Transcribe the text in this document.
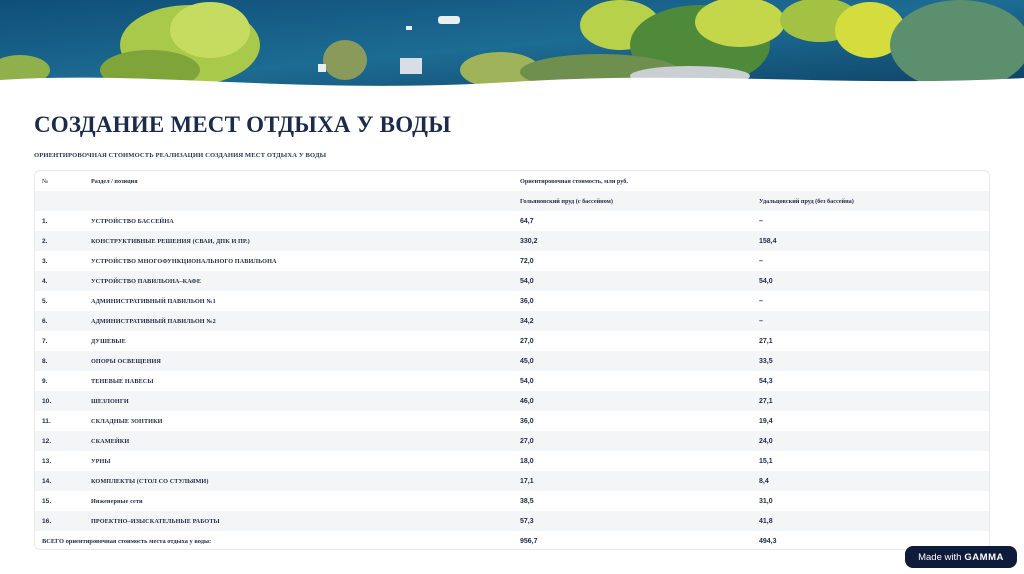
СОЗДАНИЕ МЕСТ ОТДЫХА У ВОДЫ
ОРИЕНТИРОВОЧНАЯ СТОИМОСТЬ РЕАЛИЗАЦИИ СОЗДАНИЯ МЕСТ ОТДЫХА У ВОДЫ
№	Раздел / позиция	Ориентировочная стоимость, млн руб.	
		Гольяновский пруд (с бассейном)	Удальцовский пруд (без бассейна)
1.	УСТРОЙСТВО БАССЕЙНА	64,7	–
2.	КОНСТРУКТИВНЫЕ РЕШЕНИЯ (СВАИ, ДПК И ПР.)	330,2	158,4
3.	УСТРОЙСТВО МНОГОФУНКЦИОНАЛЬНОГО ПАВИЛЬОНА	72,0	–
4.	УСТРОЙСТВО ПАВИЛЬОНА–КАФЕ	54,0	54,0
5.	АДМИНИСТРАТИВНЫЙ ПАВИЛЬОН №1	36,0	–
6.	АДМИНИСТРАТИВНЫЙ ПАВИЛЬОН №2	34,2	–
7.	ДУШЕВЫЕ	27,0	27,1
8.	ОПОРЫ ОСВЕЩЕНИЯ	45,0	33,5
9.	ТЕНЕВЫЕ НАВЕСЫ	54,0	54,3
10.	ШЕЗЛОНГИ	46,0	27,1
11.	СКЛАДНЫЕ ЗОНТИКИ	36,0	19,4
12.	СКАМЕЙКИ	27,0	24,0
13.	УРНЫ	18,0	15,1
14.	КОМПЛЕКТЫ (СТОЛ СО СТУЛЬЯМИ)	17,1	8,4
15.	Инженерные сети	38,5	31,0
16.	ПРОЕКТНО–ИЗЫСКАТЕЛЬНЫЕ РАБОТЫ	57,3	41,8
ВСЕГО ориентировочная стоимость места отдыха у воды:		956,7	494,3
Made with GAMMA
